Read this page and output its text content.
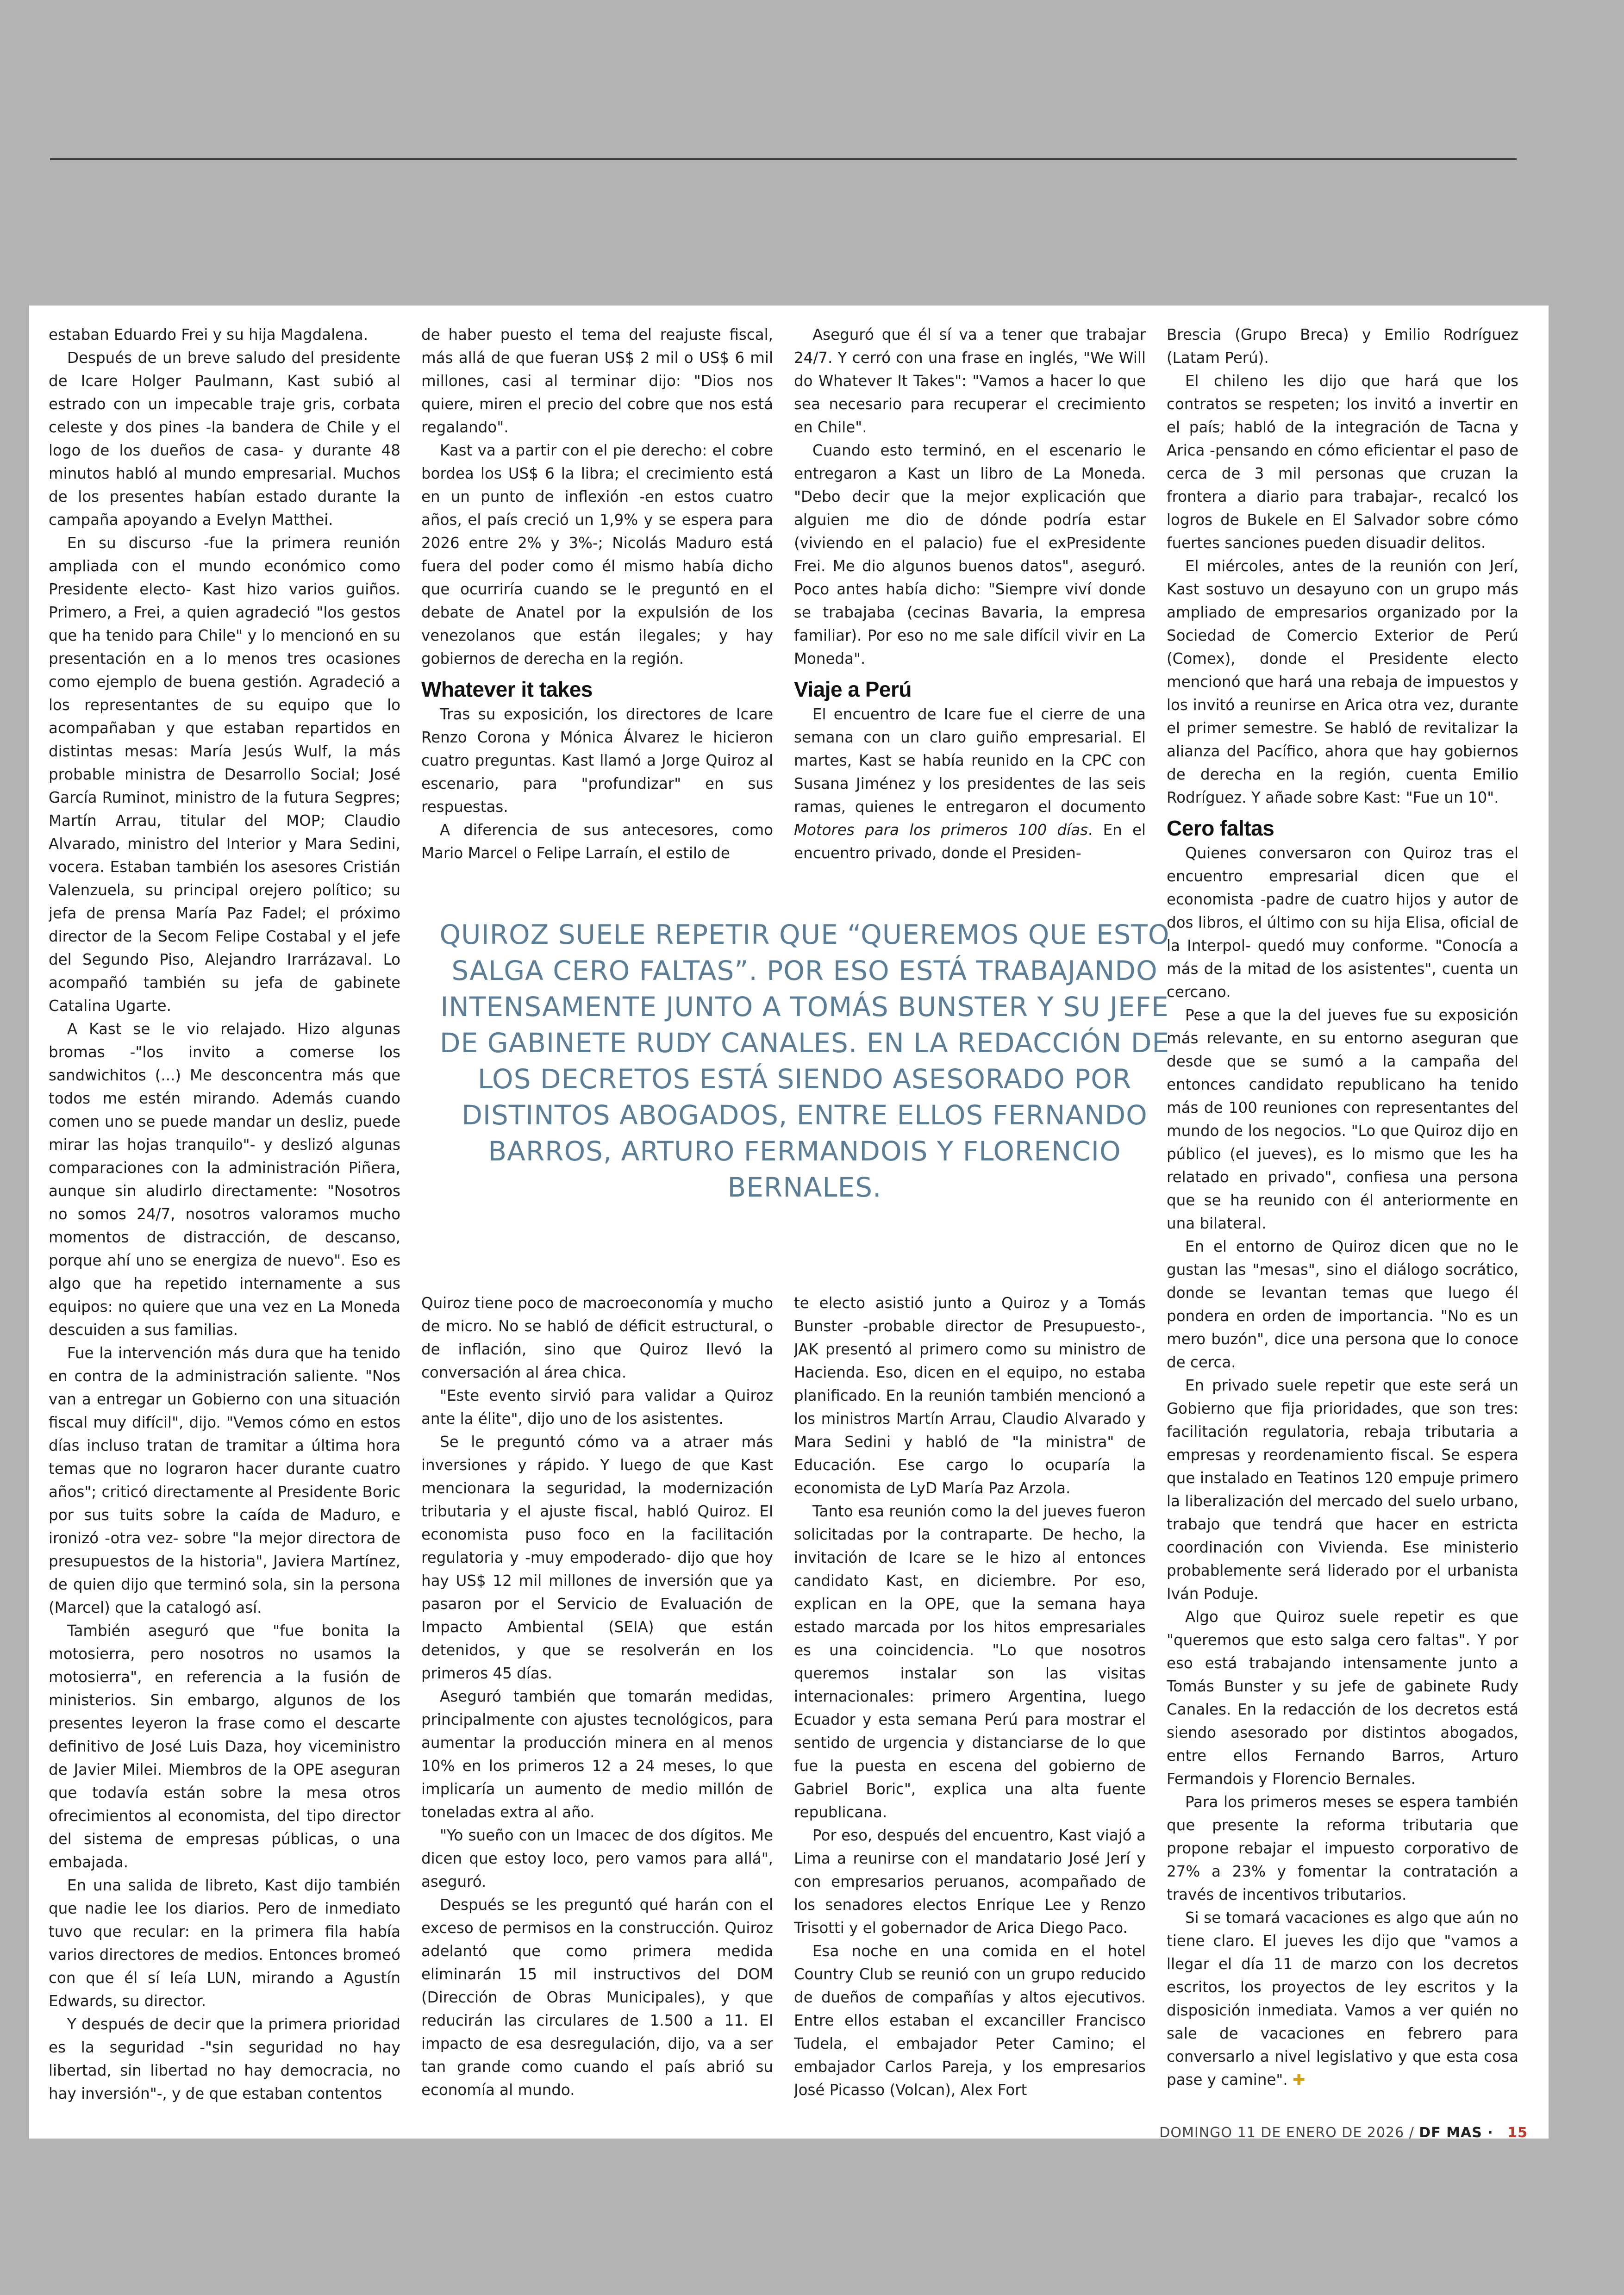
estaban Eduardo Frei y su hija Magdalena.

Después de un breve saludo del presidente de Icare Holger Paulmann, Kast subió al estrado con un impecable traje gris, corbata celeste y dos pines -la bandera de Chile y el logo de los dueños de casa- y durante 48 minutos habló al mundo empresarial. Muchos de los presentes habían estado durante la campaña apoyando a Evelyn Matthei.

En su discurso -fue la primera reunión ampliada con el mundo económico como Presidente electo- Kast hizo varios guiños. Primero, a Frei, a quien agradeció "los gestos que ha tenido para Chile" y lo mencionó en su presentación en a lo menos tres ocasiones como ejemplo de buena gestión. Agradeció a los representantes de su equipo que lo acompañaban y que estaban repartidos en distintas mesas: María Jesús Wulf, la más probable ministra de Desarrollo Social; José García Ruminot, ministro de la futura Segpres; Martín Arrau, titular del MOP; Claudio Alvarado, ministro del Interior y Mara Sedini, vocera. Estaban también los asesores Cristián Valenzuela, su principal orejero político; su jefa de prensa María Paz Fadel; el próximo director de la Secom Felipe Costabal y el jefe del Segundo Piso, Alejandro Irarrázaval. Lo acompañó también su jefa de gabinete Catalina Ugarte.

A Kast se le vio relajado. Hizo algunas bromas -"los invito a comerse los sandwichitos (...) Me desconcentra más que todos me estén mirando. Además cuando comen uno se puede mandar un desliz, puede mirar las hojas tranquilo"- y deslizó algunas comparaciones con la administración Piñera, aunque sin aludirlo directamente: "Nosotros no somos 24/7, nosotros valoramos mucho momentos de distracción, de descanso, porque ahí uno se energiza de nuevo". Eso es algo que ha repetido internamente a sus equipos: no quiere que una vez en La Moneda descuiden a sus familias.

Fue la intervención más dura que ha tenido en contra de la administración saliente. "Nos van a entregar un Gobierno con una situación fiscal muy difícil", dijo. "Vemos cómo en estos días incluso tratan de tramitar a última hora temas que no lograron hacer durante cuatro años"; criticó directamente al Presidente Boric por sus tuits sobre la caída de Maduro, e ironizó -otra vez- sobre "la mejor directora de presupuestos de la historia", Javiera Martínez, de quien dijo que terminó sola, sin la persona (Marcel) que la catalogó así.

También aseguró que "fue bonita la motosierra, pero nosotros no usamos la motosierra", en referencia a la fusión de ministerios. Sin embargo, algunos de los presentes leyeron la frase como el descarte definitivo de José Luis Daza, hoy viceministro de Javier Milei. Miembros de la OPE aseguran que todavía están sobre la mesa otros ofrecimientos al economista, del tipo director del sistema de empresas públicas, o una embajada.

En una salida de libreto, Kast dijo también que nadie lee los diarios. Pero de inmediato tuvo que recular: en la primera fila había varios directores de medios. Entonces bromeó con que él sí leía LUN, mirando a Agustín Edwards, su director.

Y después de decir que la primera prioridad es la seguridad -"sin seguridad no hay libertad, sin libertad no hay democracia, no hay inversión"-, y de que estaban contentos

de haber puesto el tema del reajuste fiscal, más allá de que fueran US$ 2 mil o US$ 6 mil millones, casi al terminar dijo: "Dios nos quiere, miren el precio del cobre que nos está regalando".

Kast va a partir con el pie derecho: el cobre bordea los US$ 6 la libra; el crecimiento está en un punto de inflexión -en estos cuatro años, el país creció un 1,9% y se espera para 2026 entre 2% y 3%-; Nicolás Maduro está fuera del poder como él mismo había dicho que ocurriría cuando se le preguntó en el debate de Anatel por la expulsión de los venezolanos que están ilegales; y hay gobiernos de derecha en la región.

Whatever it takes

Tras su exposición, los directores de Icare Renzo Corona y Mónica Álvarez le hicieron cuatro preguntas. Kast llamó a Jorge Quiroz al escenario, para "profundizar" en sus respuestas.

A diferencia de sus antecesores, como Mario Marcel o Felipe Larraín, el estilo de

Quiroz tiene poco de macroeconomía y mucho de micro. No se habló de déficit estructural, o de inflación, sino que Quiroz llevó la conversación al área chica.

"Este evento sirvió para validar a Quiroz ante la élite", dijo uno de los asistentes.

Se le preguntó cómo va a atraer más inversiones y rápido. Y luego de que Kast mencionara la seguridad, la modernización tributaria y el ajuste fiscal, habló Quiroz. El economista puso foco en la facilitación regulatoria y -muy empoderado- dijo que hoy hay US$ 12 mil millones de inversión que ya pasaron por el Servicio de Evaluación de Impacto Ambiental (SEIA) que están detenidos, y que se resolverán en los primeros 45 días.

Aseguró también que tomarán medidas, principalmente con ajustes tecnológicos, para aumentar la producción minera en al menos 10% en los primeros 12 a 24 meses, lo que implicaría un aumento de medio millón de toneladas extra al año.

"Yo sueño con un Imacec de dos dígitos. Me dicen que estoy loco, pero vamos para allá", aseguró.

Después se les preguntó qué harán con el exceso de permisos en la construcción. Quiroz adelantó que como primera medida eliminarán 15 mil instructivos del DOM (Dirección de Obras Municipales), y que reducirán las circulares de 1.500 a 11. El impacto de esa desregulación, dijo, va a ser tan grande como cuando el país abrió su economía al mundo.

Aseguró que él sí va a tener que trabajar 24/7. Y cerró con una frase en inglés, "We Will do Whatever It Takes": "Vamos a hacer lo que sea necesario para recuperar el crecimiento en Chile".

Cuando esto terminó, en el escenario le entregaron a Kast un libro de La Moneda. "Debo decir que la mejor explicación que alguien me dio de dónde podría estar (viviendo en el palacio) fue el exPresidente Frei. Me dio algunos buenos datos", aseguró. Poco antes había dicho: "Siempre viví donde se trabajaba (cecinas Bavaria, la empresa familiar). Por eso no me sale difícil vivir en La Moneda".

Viaje a Perú

El encuentro de Icare fue el cierre de una semana con un claro guiño empresarial. El martes, Kast se había reunido en la CPC con Susana Jiménez y los presidentes de las seis ramas, quienes le entregaron el documento Motores para los primeros 100 días. En el encuentro privado, donde el Presiden-

te electo asistió junto a Quiroz y a Tomás Bunster -probable director de Presupuesto-, JAK presentó al primero como su ministro de Hacienda. Eso, dicen en el equipo, no estaba planificado. En la reunión también mencionó a los ministros Martín Arrau, Claudio Alvarado y Mara Sedini y habló de "la ministra" de Educación. Ese cargo lo ocuparía la economista de LyD María Paz Arzola.

Tanto esa reunión como la del jueves fueron solicitadas por la contraparte. De hecho, la invitación de Icare se le hizo al entonces candidato Kast, en diciembre. Por eso, explican en la OPE, que la semana haya estado marcada por los hitos empresariales es una coincidencia. "Lo que nosotros queremos instalar son las visitas internacionales: primero Argentina, luego Ecuador y esta semana Perú para mostrar el sentido de urgencia y distanciarse de lo que fue la puesta en escena del gobierno de Gabriel Boric", explica una alta fuente republicana.

Por eso, después del encuentro, Kast viajó a Lima a reunirse con el mandatario José Jerí y con empresarios peruanos, acompañado de los senadores electos Enrique Lee y Renzo Trisotti y el gobernador de Arica Diego Paco.

Esa noche en una comida en el hotel Country Club se reunió con un grupo reducido de dueños de compañías y altos ejecutivos. Entre ellos estaban el excanciller Francisco Tudela, el embajador Peter Camino; el embajador Carlos Pareja, y los empresarios José Picasso (Volcan), Alex Fort

Brescia (Grupo Breca) y Emilio Rodríguez (Latam Perú).

El chileno les dijo que hará que los contratos se respeten; los invitó a invertir en el país; habló de la integración de Tacna y Arica -pensando en cómo eficientar el paso de cerca de 3 mil personas que cruzan la frontera a diario para trabajar-, recalcó los logros de Bukele en El Salvador sobre cómo fuertes sanciones pueden disuadir delitos.

El miércoles, antes de la reunión con Jerí, Kast sostuvo un desayuno con un grupo más ampliado de empresarios organizado por la Sociedad de Comercio Exterior de Perú (Comex), donde el Presidente electo mencionó que hará una rebaja de impuestos y los invitó a reunirse en Arica otra vez, durante el primer semestre. Se habló de revitalizar la alianza del Pacífico, ahora que hay gobiernos de derecha en la región, cuenta Emilio Rodríguez. Y añade sobre Kast: "Fue un 10".

Cero faltas

Quienes conversaron con Quiroz tras el encuentro empresarial dicen que el economista -padre de cuatro hijos y autor de dos libros, el último con su hija Elisa, oficial de la Interpol- quedó muy conforme. "Conocía a más de la mitad de los asistentes", cuenta un cercano.

Pese a que la del jueves fue su exposición más relevante, en su entorno aseguran que desde que se sumó a la campaña del entonces candidato republicano ha tenido más de 100 reuniones con representantes del mundo de los negocios. "Lo que Quiroz dijo en público (el jueves), es lo mismo que les ha relatado en privado", confiesa una persona que se ha reunido con él anteriormente en una bilateral.

En el entorno de Quiroz dicen que no le gustan las "mesas", sino el diálogo socrático, donde se levantan temas que luego él pondera en orden de importancia. "No es un mero buzón", dice una persona que lo conoce de cerca.

En privado suele repetir que este será un Gobierno que fija prioridades, que son tres: facilitación regulatoria, rebaja tributaria a empresas y reordenamiento fiscal. Se espera que instalado en Teatinos 120 empuje primero la liberalización del mercado del suelo urbano, trabajo que tendrá que hacer en estricta coordinación con Vivienda. Ese ministerio probablemente será liderado por el urbanista Iván Poduje.

Algo que Quiroz suele repetir es que "queremos que esto salga cero faltas". Y por eso está trabajando intensamente junto a Tomás Bunster y su jefe de gabinete Rudy Canales. En la redacción de los decretos está siendo asesorado por distintos abogados, entre ellos Fernando Barros, Arturo Fermandois y Florencio Bernales.

Para los primeros meses se espera también que presente la reforma tributaria que propone rebajar el impuesto corporativo de 27% a 23% y fomentar la contratación a través de incentivos tributarios.

Si se tomará vacaciones es algo que aún no tiene claro. El jueves les dijo que "vamos a llegar el día 11 de marzo con los decretos escritos, los proyectos de ley escritos y la disposición inmediata. Vamos a ver quién no sale de vacaciones en febrero para conversarlo a nivel legislativo y que esta cosa pase y camine". ✚

QUIROZ SUELE REPETIR QUE “QUEREMOS QUE ESTO SALGA CERO FALTAS”. POR ESO ESTÁ TRABAJANDO INTENSAMENTE JUNTO A TOMÁS BUNSTER Y SU JEFE DE GABINETE RUDY CANALES. EN LA REDACCIÓN DE LOS DECRETOS ESTÁ SIENDO ASESORADO POR DISTINTOS ABOGADOS, ENTRE ELLOS FERNANDO BARROS, ARTURO FERMANDOIS Y FLORENCIO BERNALES.
DOMINGO 11 DE ENERO DE 2026 / DF MAS · 15
